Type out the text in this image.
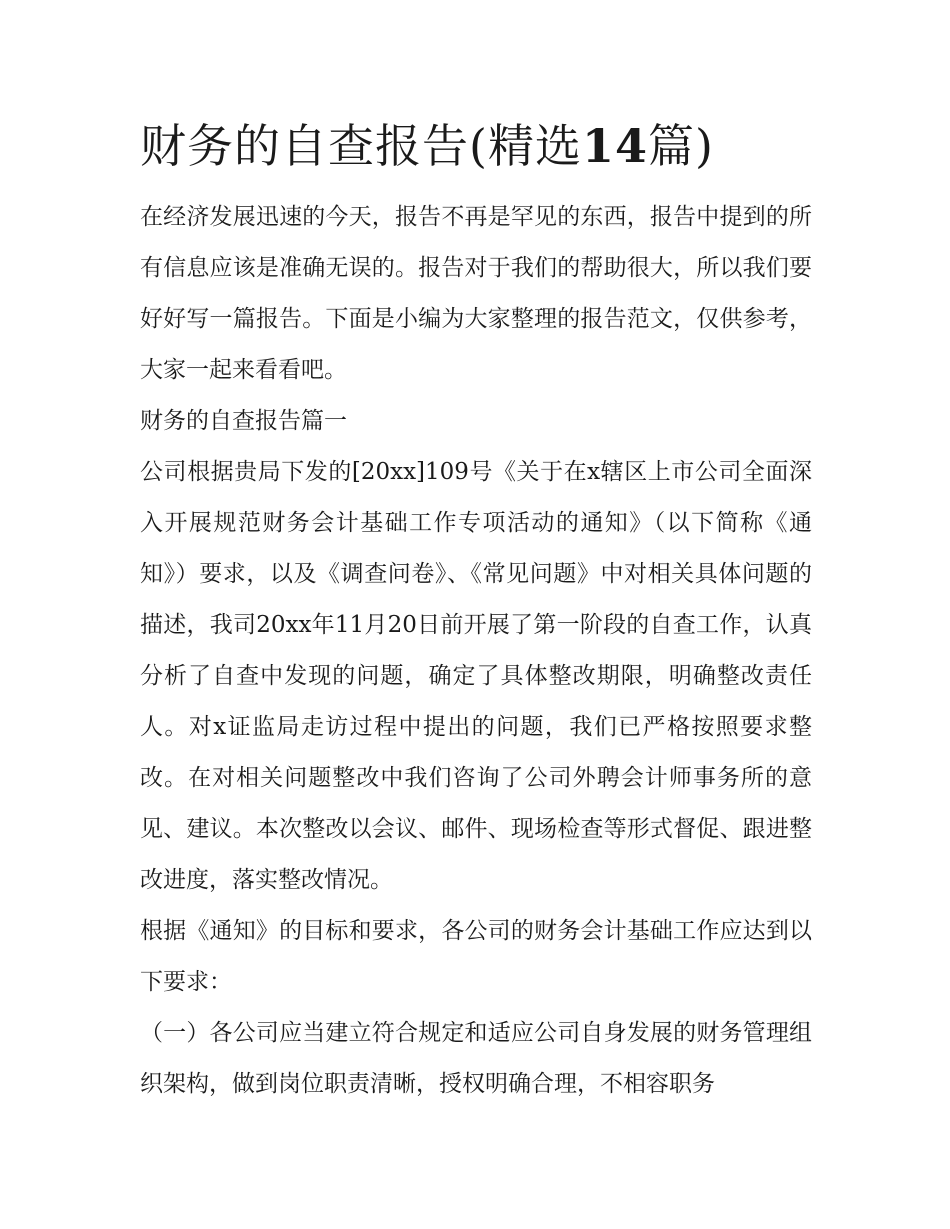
财务的自查报告(精选14篇)

在经济发展迅速的今天，报告不再是罕见的东西，报告中提到的所有信息应该是准确无误的。报告对于我们的帮助很大，所以我们要好好写一篇报告。下面是小编为大家整理的报告范文，仅供参考，大家一起来看看吧。

财务的自查报告篇一

公司根据贵局下发的[20xx]109号《关于在x辖区上市公司全面深入开展规范财务会计基础工作专项活动的通知》（以下简称《通知》）要求，以及《调查问卷》、《常见问题》中对相关具体问题的描述，我司20xx年11月20日前开展了第一阶段的自查工作，认真分析了自查中发现的问题，确定了具体整改期限，明确整改责任人。对x证监局走访过程中提出的问题，我们已严格按照要求整改。在对相关问题整改中我们咨询了公司外聘会计师事务所的意见、建议。本次整改以会议、邮件、现场检查等形式督促、跟进整改进度，落实整改情况。

根据《通知》的目标和要求，各公司的财务会计基础工作应达到以下要求：

（一）各公司应当建立符合规定和适应公司自身发展的财务管理组织架构，做到岗位职责清晰，授权明确合理，不相容职务
